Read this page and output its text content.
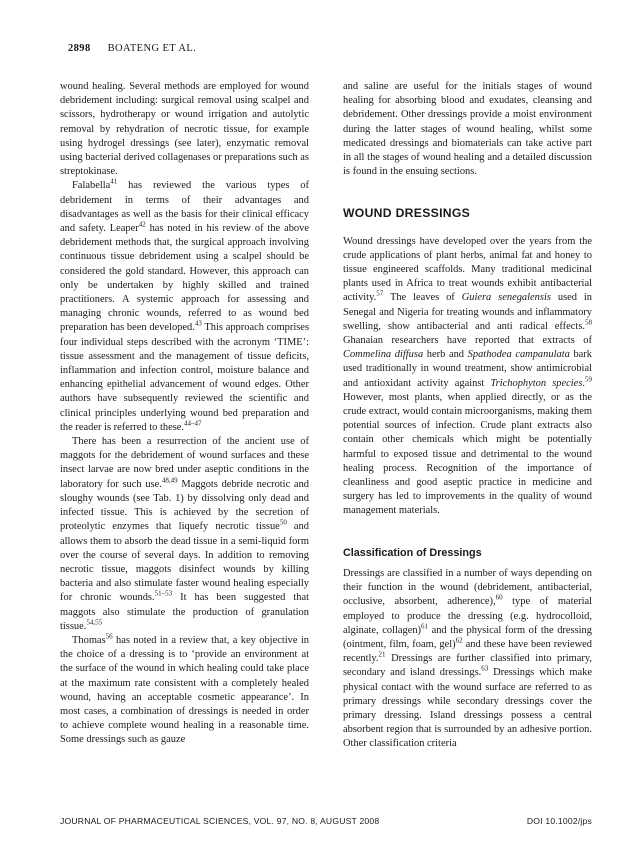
2898 BOATENG ET AL.

wound healing. Several methods are employed for wound debridement including: surgical removal using scalpel and scissors, hydrotherapy or wound irrigation and autolytic removal by rehydration of necrotic tissue, for example using hydrogel dressings (see later), enzymatic removal using bacterial derived collagenases or preparations such as streptokinase.

Falabella$^{41}$ has reviewed the various types of debridement in terms of their advantages and disadvantages as well as the basis for their clinical efficacy and safety. Leaper$^{42}$ has noted in his review of the above debridement methods that, the surgical approach involving continuous tissue debridement using a scalpel should be considered the gold standard. However, this approach can only be undertaken by highly skilled and trained practitioners. A systemic approach for assessing and managing chronic wounds, referred to as wound bed preparation has been developed.$^{43}$ This approach comprises four individual steps described with the acronym ‘TIME’: tissue assessment and the management of tissue deficits, inflammation and infection control, moisture balance and enhancing epithelial advancement of wound edges. Other authors have subsequently reviewed the scientific and clinical principles underlying wound bed preparation and the reader is referred to these.$^{44-47}$

There has been a resurrection of the ancient use of maggots for the debridement of wound surfaces and these insect larvae are now bred under aseptic conditions in the laboratory for such use.$^{48,49}$ Maggots debride necrotic and sloughy wounds (see Tab. 1) by dissolving only dead and infected tissue. This is achieved by the secretion of proteolytic enzymes that liquefy necrotic tissue$^{50}$ and allows them to absorb the dead tissue in a semi-liquid form over the course of several days. In addition to removing necrotic tissue, maggots disinfect wounds by killing bacteria and also stimulate faster wound healing especially for chronic wounds.$^{51-53}$ It has been suggested that maggots also stimulate the production of granulation tissue.$^{54,55}$

Thomas$^{56}$ has noted in a review that, a key objective in the choice of a dressing is to ‘provide an environment at the surface of the wound in which healing could take place at the maximum rate consistent with a completely healed wound, having an acceptable cosmetic appearance’. In most cases, a combination of dressings is needed in order to achieve complete wound healing in a reasonable time. Some dressings such as gauze

and saline are useful for the initials stages of wound healing for absorbing blood and exudates, cleansing and debridement. Other dressings provide a moist environment during the latter stages of wound healing, whilst some medicated dressings and biomaterials can take active part in all the stages of wound healing and a detailed discussion is found in the ensuing sections.

WOUND DRESSINGS

Wound dressings have developed over the years from the crude applications of plant herbs, animal fat and honey to tissue engineered scaffolds. Many traditional medicinal plants used in Africa to treat wounds exhibit antibacterial activity.$^{57}$ The leaves of Guiera senegalensis used in Senegal and Nigeria for treating wounds and inflammatory swelling, show antibacterial and anti radical effects.$^{58}$ Ghanaian researchers have reported that extracts of Commelina diffusa herb and Spathodea campanulata bark used traditionally in wound treatment, show antimicrobial and antioxidant activity against Trichophyton species.$^{59}$ However, most plants, when applied directly, or as the crude extract, would contain microorganisms, making them potential sources of infection. Crude plant extracts also contain other chemicals which might be potentially harmful to exposed tissue and detrimental to the wound healing process. Recognition of the importance of cleanliness and good aseptic practice in medicine and surgery has led to improvements in the quality of wound management materials.

Classification of Dressings

Dressings are classified in a number of ways depending on their function in the wound (debridement, antibacterial, occlusive, absorbent, adherence),$^{60}$ type of material employed to produce the dressing (e.g. hydrocolloid, alginate, collagen)$^{61}$ and the physical form of the dressing (ointment, film, foam, gel)$^{62}$ and these have been reviewed recently.$^{21}$ Dressings are further classified into primary, secondary and island dressings.$^{63}$ Dressings which make physical contact with the wound surface are referred to as primary dressings while secondary dressings cover the primary dressing. Island dressings possess a central absorbent region that is surrounded by an adhesive portion. Other classification criteria

JOURNAL OF PHARMACEUTICAL SCIENCES, VOL. 97, NO. 8, AUGUST 2008	DOI 10.1002/jps
